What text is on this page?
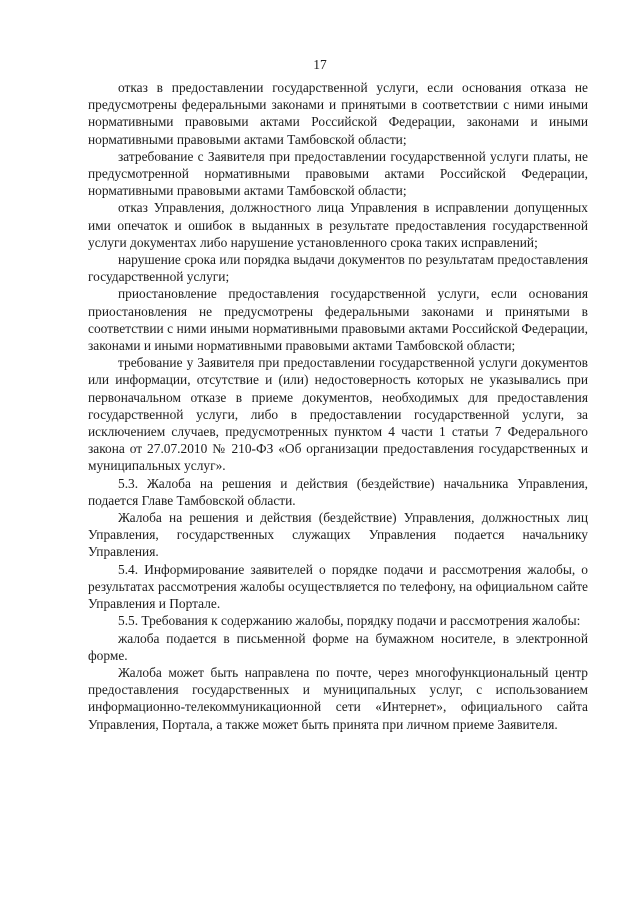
17

отказ в предоставлении государственной услуги, если основания отказа не предусмотрены федеральными законами и принятыми в соответствии с ними иными нормативными правовыми актами Российской Федерации, законами и иными нормативными правовыми актами Тамбовской области;

затребование с Заявителя при предоставлении государственной услуги платы, не предусмотренной нормативными правовыми актами Российской Федерации, нормативными правовыми актами Тамбовской области;

отказ Управления, должностного лица Управления в исправлении допущенных ими опечаток и ошибок в выданных в результате предоставления государственной услуги документах либо нарушение установленного срока таких исправлений;

нарушение срока или порядка выдачи документов по результатам предоставления государственной услуги;

приостановление предоставления государственной услуги, если основания приостановления не предусмотрены федеральными законами и принятыми в соответствии с ними иными нормативными правовыми актами Российской Федерации, законами и иными нормативными правовыми актами Тамбовской области;

требование у Заявителя при предоставлении государственной услуги документов или информации, отсутствие и (или) недостоверность которых не указывались при первоначальном отказе в приеме документов, необходимых для предоставления государственной услуги, либо в предоставлении государственной услуги, за исключением случаев, предусмотренных пунктом 4 части 1 статьи 7 Федерального закона от 27.07.2010 № 210-ФЗ «Об организации предоставления государственных и муниципальных услуг».

5.3. Жалоба на решения и действия (бездействие) начальника Управления, подается Главе Тамбовской области.

Жалоба на решения и действия (бездействие) Управления, должностных лиц Управления, государственных служащих Управления подается начальнику Управления.

5.4. Информирование заявителей о порядке подачи и рассмотрения жалобы, о результатах рассмотрения жалобы осуществляется по телефону, на официальном сайте Управления и Портале.

5.5. Требования к содержанию жалобы, порядку подачи и рассмотрения жалобы:

жалоба подается в письменной форме на бумажном носителе, в электронной форме.

Жалоба может быть направлена по почте, через многофункциональный центр предоставления государственных и муниципальных услуг, с использованием информационно-телекоммуникационной сети «Интернет», официального сайта Управления, Портала, а также может быть принята при личном приеме Заявителя.
